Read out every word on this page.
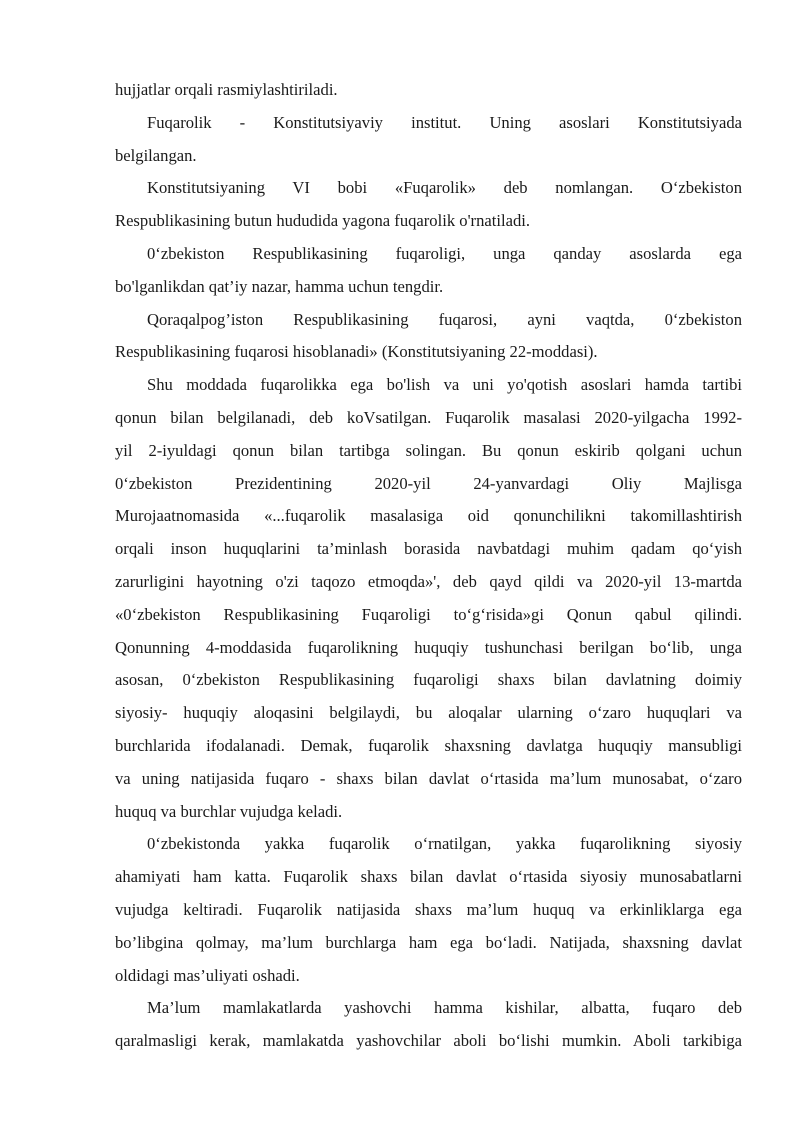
hujjatlar orqali rasmiylashtiriladi.
Fuqarolik - Konstitutsiyaviy institut. Uning asoslari Konstitutsiyada
belgilangan.
Konstitutsiyaning VI bobi «Fuqarolik» deb nomlangan. O‘zbekiston
Respublikasining butun hududida yagona fuqarolik o'rnatiladi.
0‘zbekiston Respublikasining fuqaroligi, unga qanday asoslarda ega
bo'lganlikdan qat’iy nazar, hamma uchun tengdir.
Qoraqalpog’iston Respublikasining fuqarosi, ayni vaqtda, 0‘zbekiston
Respublikasining fuqarosi hisoblanadi» (Konstitutsiyaning 22-moddasi).
Shu moddada fuqarolikka ega bo'lish va uni yo'qotish asoslari hamda tartibi
qonun bilan belgilanadi, deb koVsatilgan. Fuqarolik masalasi 2020-yilgacha 1992-
yil 2-iyuldagi qonun bilan tartibga solingan. Bu qonun eskirib qolgani uchun
0‘zbekiston Prezidentining 2020-yil 24-yanvardagi Oliy Majlisga
Murojaatnomasida «...fuqarolik masalasiga oid qonunchilikni takomillashtirish
orqali inson huquqlarini ta’minlash borasida navbatdagi muhim qadam qo‘yish
zarurligini hayotning o'zi taqozo etmoqda»', deb qayd qildi va 2020-yil 13-martda
«0‘zbekiston Respublikasining Fuqaroligi to‘g‘risida»gi Qonun qabul qilindi.
Qonunning 4-moddasida fuqarolikning huquqiy tushunchasi berilgan bo‘lib, unga
asosan, 0‘zbekiston Respublikasining fuqaroligi shaxs bilan davlatning doimiy
siyosiy- huquqiy aloqasini belgilaydi, bu aloqalar ularning o‘zaro huquqlari va
burchlarida ifodalanadi. Demak, fuqarolik shaxsning davlatga huquqiy mansubligi
va uning natijasida fuqaro - shaxs bilan davlat o‘rtasida ma’lum munosabat, o‘zaro
huquq va burchlar vujudga keladi.
0‘zbekistonda yakka fuqarolik o‘rnatilgan, yakka fuqarolikning siyosiy
ahamiyati ham katta. Fuqarolik shaxs bilan davlat o‘rtasida siyosiy munosabatlarni
vujudga keltiradi. Fuqarolik natijasida shaxs ma’lum huquq va erkinliklarga ega
bo’libgina qolmay, ma’lum burchlarga ham ega bo‘ladi. Natijada, shaxsning davlat
oldidagi mas’uliyati oshadi.
Ma’lum mamlakatlarda yashovchi hamma kishilar, albatta, fuqaro deb
qaralmasligi kerak, mamlakatda yashovchilar aboli bo‘lishi mumkin. Aboli tarkibiga
